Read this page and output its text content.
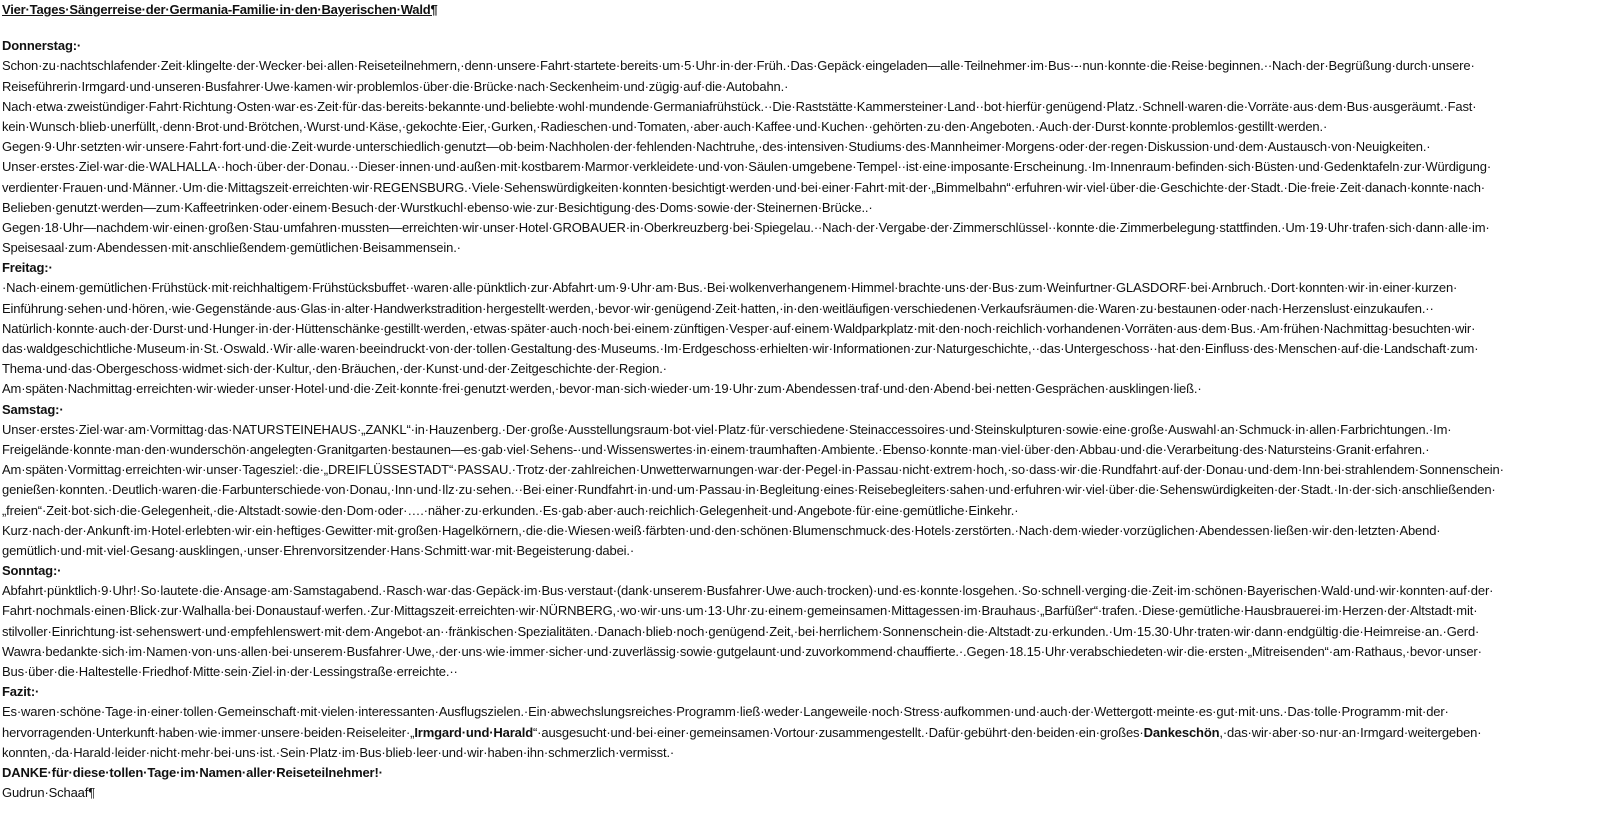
Vier·Tages·Sängerreise·der·Germania-Familie·in·den·Bayerischen·Wald¶
Donnerstag:·
Schon·zu·nachtschlafender·Zeit·klingelte·der·Wecker·bei·allen·Reiseteilnehmern,·denn·unsere·Fahrt·startete·bereits·um·5·Uhr·in·der·Früh.·Das·Gepäck·eingeladen—alle·Teilnehmer·im·Bus·-·nun·konnte·die·Reise·beginnen.··Nach·der·Begrüßung·durch·unsere·
Reiseführerin·Irmgard·und·unseren·Busfahrer·Uwe·kamen·wir·problemlos·über·die·Brücke·nach·Seckenheim·und·zügig·auf·die·Autobahn.·
Nach·etwa·zweistündiger·Fahrt·Richtung·Osten·war·es·Zeit·für·das·bereits·bekannte·und·beliebte·wohl·mundende·Germaniafrühstück.··Die·Raststätte·Kammersteiner·Land··bot·hierfür·genügend·Platz.·Schnell·waren·die·Vorräte·aus·dem·Bus·ausgeräumt.·Fast·
kein·Wunsch·blieb·unerfüllt,·denn·Brot·und·Brötchen,·Wurst·und·Käse,·gekochte·Eier,·Gurken,·Radieschen·und·Tomaten,·aber·auch·Kaffee·und·Kuchen··gehörten·zu·den·Angeboten.·Auch·der·Durst·konnte·problemlos·gestillt·werden.·
Gegen·9·Uhr·setzten·wir·unsere·Fahrt·fort·und·die·Zeit·wurde·unterschiedlich·genutzt—ob·beim·Nachholen·der·fehlenden·Nachtruhe,·des·intensiven·Studiums·des·Mannheimer·Morgens·oder·der·regen·Diskussion·und·dem·Austausch·von·Neuigkeiten.·
Unser·erstes·Ziel·war·die·WALHALLA··hoch·über·der·Donau.··Dieser·innen·und·außen·mit·kostbarem·Marmor·verkleidete·und·von·Säulen·umgebene·Tempel··ist·eine·imposante·Erscheinung.·Im·Innenraum·befinden·sich·Büsten·und·Gedenktafeln·zur·Würdigung·
verdienter·Frauen·und·Männer.·Um·die·Mittagszeit·erreichten·wir·REGENSBURG.·Viele·Sehenswürdigkeiten·konnten·besichtigt·werden·und·bei·einer·Fahrt·mit·der·„Bimmelbahn“·erfuhren·wir·viel·über·die·Geschichte·der·Stadt.·Die·freie·Zeit·danach·konnte·nach·
Belieben·genutzt·werden—zum·Kaffeetrinken·oder·einem·Besuch·der·Wurstkuchl·ebenso·wie·zur·Besichtigung·des·Doms·sowie·der·Steinernen·Brücke..·
Gegen·18·Uhr—nachdem·wir·einen·großen·Stau·umfahren·mussten—erreichten·wir·unser·Hotel·GROBAUER·in·Oberkreuzberg·bei·Spiegelau.··Nach·der·Vergabe·der·Zimmerschlüssel··konnte·die·Zimmerbelegung·stattfinden.·Um·19·Uhr·trafen·sich·dann·alle·im·
Speisesaal·zum·Abendessen·mit·anschließendem·gemütlichen·Beisammensein.·
Freitag:·
·Nach·einem·gemütlichen·Frühstück·mit·reichhaltigem·Frühstücksbuffet··waren·alle·pünktlich·zur·Abfahrt·um·9·Uhr·am·Bus.·Bei·wolkenverhangenem·Himmel·brachte·uns·der·Bus·zum·Weinfurtner·GLASDORF·bei·Arnbruch.·Dort·konnten·wir·in·einer·kurzen·
Einführung·sehen·und·hören,·wie·Gegenstände·aus·Glas·in·alter·Handwerkstradition·hergestellt·werden,·bevor·wir·genügend·Zeit·hatten,·in·den·weitläufigen·verschiedenen·Verkaufsräumen·die·Waren·zu·bestaunen·oder·nach·Herzenslust·einzukaufen.··
Natürlich·konnte·auch·der·Durst·und·Hunger·in·der·Hüttenschänke·gestillt·werden,·etwas·später·auch·noch·bei·einem·zünftigen·Vesper·auf·einem·Waldparkplatz·mit·den·noch·reichlich·vorhandenen·Vorräten·aus·dem·Bus.·Am·frühen·Nachmittag·besuchten·wir·
das·waldgeschichtliche·Museum·in·St.·Oswald.·Wir·alle·waren·beeindruckt·von·der·tollen·Gestaltung·des·Museums.·Im·Erdgeschoss·erhielten·wir·Informationen·zur·Naturgeschichte,··das·Untergeschoss··hat·den·Einfluss·des·Menschen·auf·die·Landschaft·zum·
Thema·und·das·Obergeschoss·widmet·sich·der·Kultur,·den·Bräuchen,·der·Kunst·und·der·Zeitgeschichte·der·Region.·
Am·späten·Nachmittag·erreichten·wir·wieder·unser·Hotel·und·die·Zeit·konnte·frei·genutzt·werden,·bevor·man·sich·wieder·um·19·Uhr·zum·Abendessen·traf·und·den·Abend·bei·netten·Gesprächen·ausklingen·ließ.·
Samstag:·
Unser·erstes·Ziel·war·am·Vormittag·das·NATURSTEINEHAUS·„ZANKL“·in·Hauzenberg.·Der·große·Ausstellungsraum·bot·viel·Platz·für·verschiedene·Steinaccessoires·und·Steinskulpturen·sowie·eine·große·Auswahl·an·Schmuck·in·allen·Farbrichtungen.·Im·
Freigelände·konnte·man·den·wunderschön·angelegten·Granitgarten·bestaunen—es·gab·viel·Sehens-·und·Wissenswertes·in·einem·traumhaften·Ambiente.·Ebenso·konnte·man·viel·über·den·Abbau·und·die·Verarbeitung·des·Natursteins·Granit·erfahren.·
Am·späten·Vormittag·erreichten·wir·unser·Tagesziel:·die·„DREIFLÜSSESTADT“·PASSAU.·Trotz·der·zahlreichen·Unwetterwarnungen·war·der·Pegel·in·Passau·nicht·extrem·hoch,·so·dass·wir·die·Rundfahrt·auf·der·Donau·und·dem·Inn·bei·strahlendem·Sonnenschein·
genießen·konnten.·Deutlich·waren·die·Farbunterschiede·von·Donau,·Inn·und·Ilz·zu·sehen.··Bei·einer·Rundfahrt·in·und·um·Passau·in·Begleitung·eines·Reisebegleiters·sahen·und·erfuhren·wir·viel·über·die·Sehenswürdigkeiten·der·Stadt.·In·der·sich·anschließenden·
„freien“·Zeit·bot·sich·die·Gelegenheit,·die·Altstadt·sowie·den·Dom·oder·….·näher·zu·erkunden.·Es·gab·aber·auch·reichlich·Gelegenheit·und·Angebote·für·eine·gemütliche·Einkehr.·
Kurz·nach·der·Ankunft·im·Hotel·erlebten·wir·ein·heftiges·Gewitter·mit·großen·Hagelkörnern,·die·die·Wiesen·weiß·färbten·und·den·schönen·Blumenschmuck·des·Hotels·zerstörten.·Nach·dem·wieder·vorzüglichen·Abendessen·ließen·wir·den·letzten·Abend·
gemütlich·und·mit·viel·Gesang·ausklingen,·unser·Ehrenvorsitzender·Hans·Schmitt·war·mit·Begeisterung·dabei.·
Sonntag:·
Abfahrt·pünktlich·9·Uhr!·So·lautete·die·Ansage·am·Samstagabend.·Rasch·war·das·Gepäck·im·Bus·verstaut·(dank·unserem·Busfahrer·Uwe·auch·trocken)·und·es·konnte·losgehen.·So·schnell·verging·die·Zeit·im·schönen·Bayerischen·Wald·und·wir·konnten·auf·der·
Fahrt·nochmals·einen·Blick·zur·Walhalla·bei·Donaustauf·werfen.·Zur·Mittagszeit·erreichten·wir·NÜRNBERG,·wo·wir·uns·um·13·Uhr·zu·einem·gemeinsamen·Mittagessen·im·Brauhaus·„Barfüßer“·trafen.·Diese·gemütliche·Hausbrauerei·im·Herzen·der·Altstadt·mit·
stilvoller·Einrichtung·ist·sehenswert·und·empfehlenswert·mit·dem·Angebot·an··fränkischen·Spezialitäten.·Danach·blieb·noch·genügend·Zeit,·bei·herrlichem·Sonnenschein·die·Altstadt·zu·erkunden.·Um·15.30·Uhr·traten·wir·dann·endgültig·die·Heimreise·an.·Gerd·
Wawra·bedankte·sich·im·Namen·von·uns·allen·bei·unserem·Busfahrer·Uwe,·der·uns·wie·immer·sicher·und·zuverlässig·sowie·gutgelaunt·und·zuvorkommend·chauffierte.·.Gegen·18.15·Uhr·verabschiedeten·wir·die·ersten·„Mitreisenden“·am·Rathaus,·bevor·unser·
Bus·über·die·Haltestelle·Friedhof·Mitte·sein·Ziel·in·der·Lessingstraße·erreichte.··
Fazit:·
Es·waren·schöne·Tage·in·einer·tollen·Gemeinschaft·mit·vielen·interessanten·Ausflugszielen.·Ein·abwechslungsreiches·Programm·ließ·weder·Langeweile·noch·Stress·aufkommen·und·auch·der·Wettergott·meinte·es·gut·mit·uns.·Das·tolle·Programm·mit·der·
hervorragenden·Unterkunft·haben·wie·immer·unsere·beiden·Reiseleiter·„Irmgard·und·Harald“·ausgesucht·und·bei·einer·gemeinsamen·Vortour·zusammengestellt.·Dafür·gebührt·den·beiden·ein·großes·Dankeschön,·das·wir·aber·so·nur·an·Irmgard·weitergeben·
konnten,·da·Harald·leider·nicht·mehr·bei·uns·ist.·Sein·Platz·im·Bus·blieb·leer·und·wir·haben·ihn·schmerzlich·vermisst.·
DANKE·für·diese·tollen·Tage·im·Namen·aller·Reiseteilnehmer!·
Gudrun·Schaaf¶
